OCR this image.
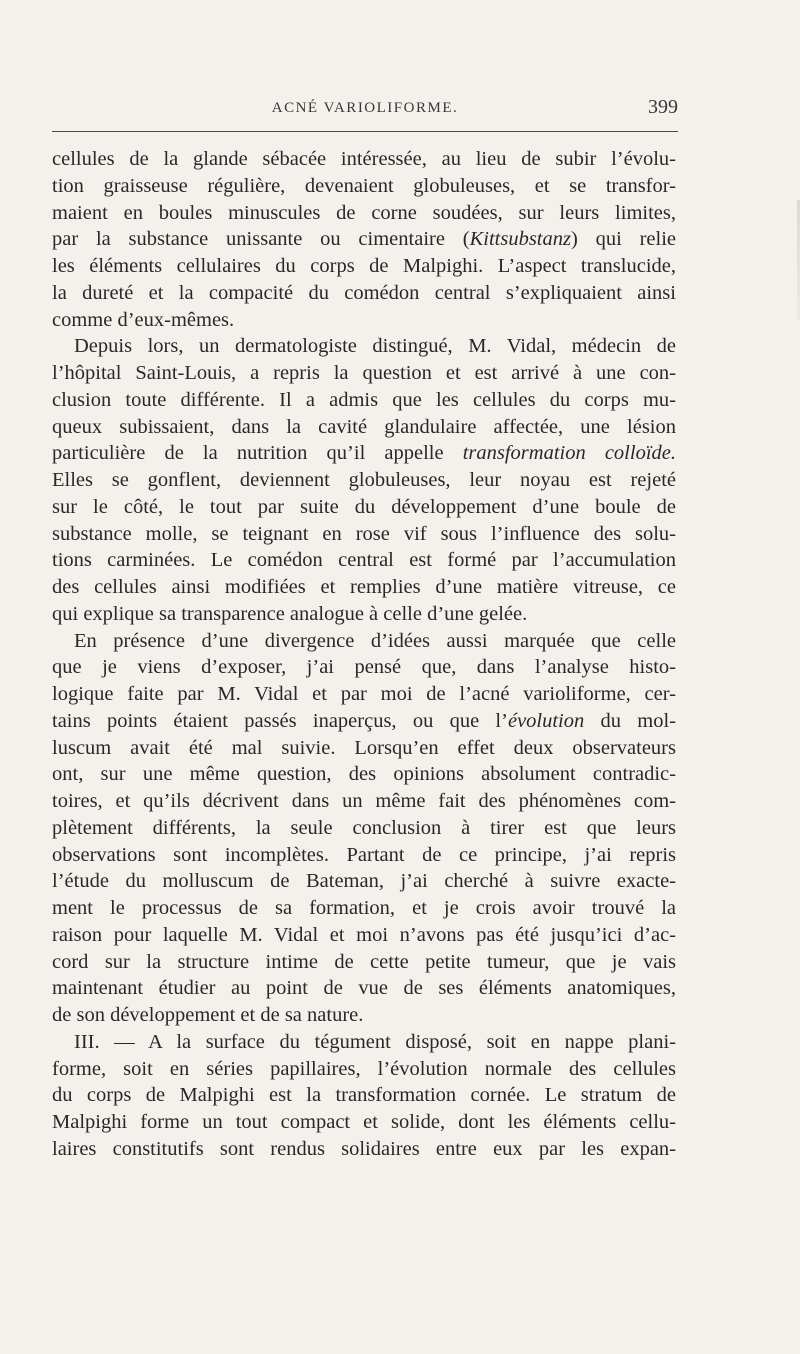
ACNÉ VARIOLIFORME.	399
cellules de la glande sébacée intéressée, au lieu de subir l’évolu-
tion graisseuse régulière, devenaient globuleuses, et se transfor-
maient en boules minuscules de corne soudées, sur leurs limites,
par la substance unissante ou cimentaire (Kittsubstanz) qui relie
les éléments cellulaires du corps de Malpighi. L’aspect translucide,
la dureté et la compacité du comédon central s’expliquaient ainsi
comme d’eux-mêmes.
Depuis lors, un dermatologiste distingué, M. Vidal, médecin de
l’hôpital Saint-Louis, a repris la question et est arrivé à une con-
clusion toute différente. Il a admis que les cellules du corps mu-
queux subissaient, dans la cavité glandulaire affectée, une lésion
particulière de la nutrition qu’il appelle transformation colloïde.
Elles se gonflent, deviennent globuleuses, leur noyau est rejeté
sur le côté, le tout par suite du développement d’une boule de
substance molle, se teignant en rose vif sous l’influence des solu-
tions carminées. Le comédon central est formé par l’accumulation
des cellules ainsi modifiées et remplies d’une matière vitreuse, ce
qui explique sa transparence analogue à celle d’une gelée.
En présence d’une divergence d’idées aussi marquée que celle
que je viens d’exposer, j’ai pensé que, dans l’analyse histo-
logique faite par M. Vidal et par moi de l’acné varioliforme, cer-
tains points étaient passés inaperçus, ou que l’évolution du mol-
luscum avait été mal suivie. Lorsqu’en effet deux observateurs
ont, sur une même question, des opinions absolument contradic-
toires, et qu’ils décrivent dans un même fait des phénomènes com-
plètement différents, la seule conclusion à tirer est que leurs
observations sont incomplètes. Partant de ce principe, j’ai repris
l’étude du molluscum de Bateman, j’ai cherché à suivre exacte-
ment le processus de sa formation, et je crois avoir trouvé la
raison pour laquelle M. Vidal et moi n’avons pas été jusqu’ici d’ac-
cord sur la structure intime de cette petite tumeur, que je vais
maintenant étudier au point de vue de ses éléments anatomiques,
de son développement et de sa nature.
III. — A la surface du tégument disposé, soit en nappe plani-
forme, soit en séries papillaires, l’évolution normale des cellules
du corps de Malpighi est la transformation cornée. Le stratum de
Malpighi forme un tout compact et solide, dont les éléments cellu-
laires constitutifs sont rendus solidaires entre eux par les expan-
